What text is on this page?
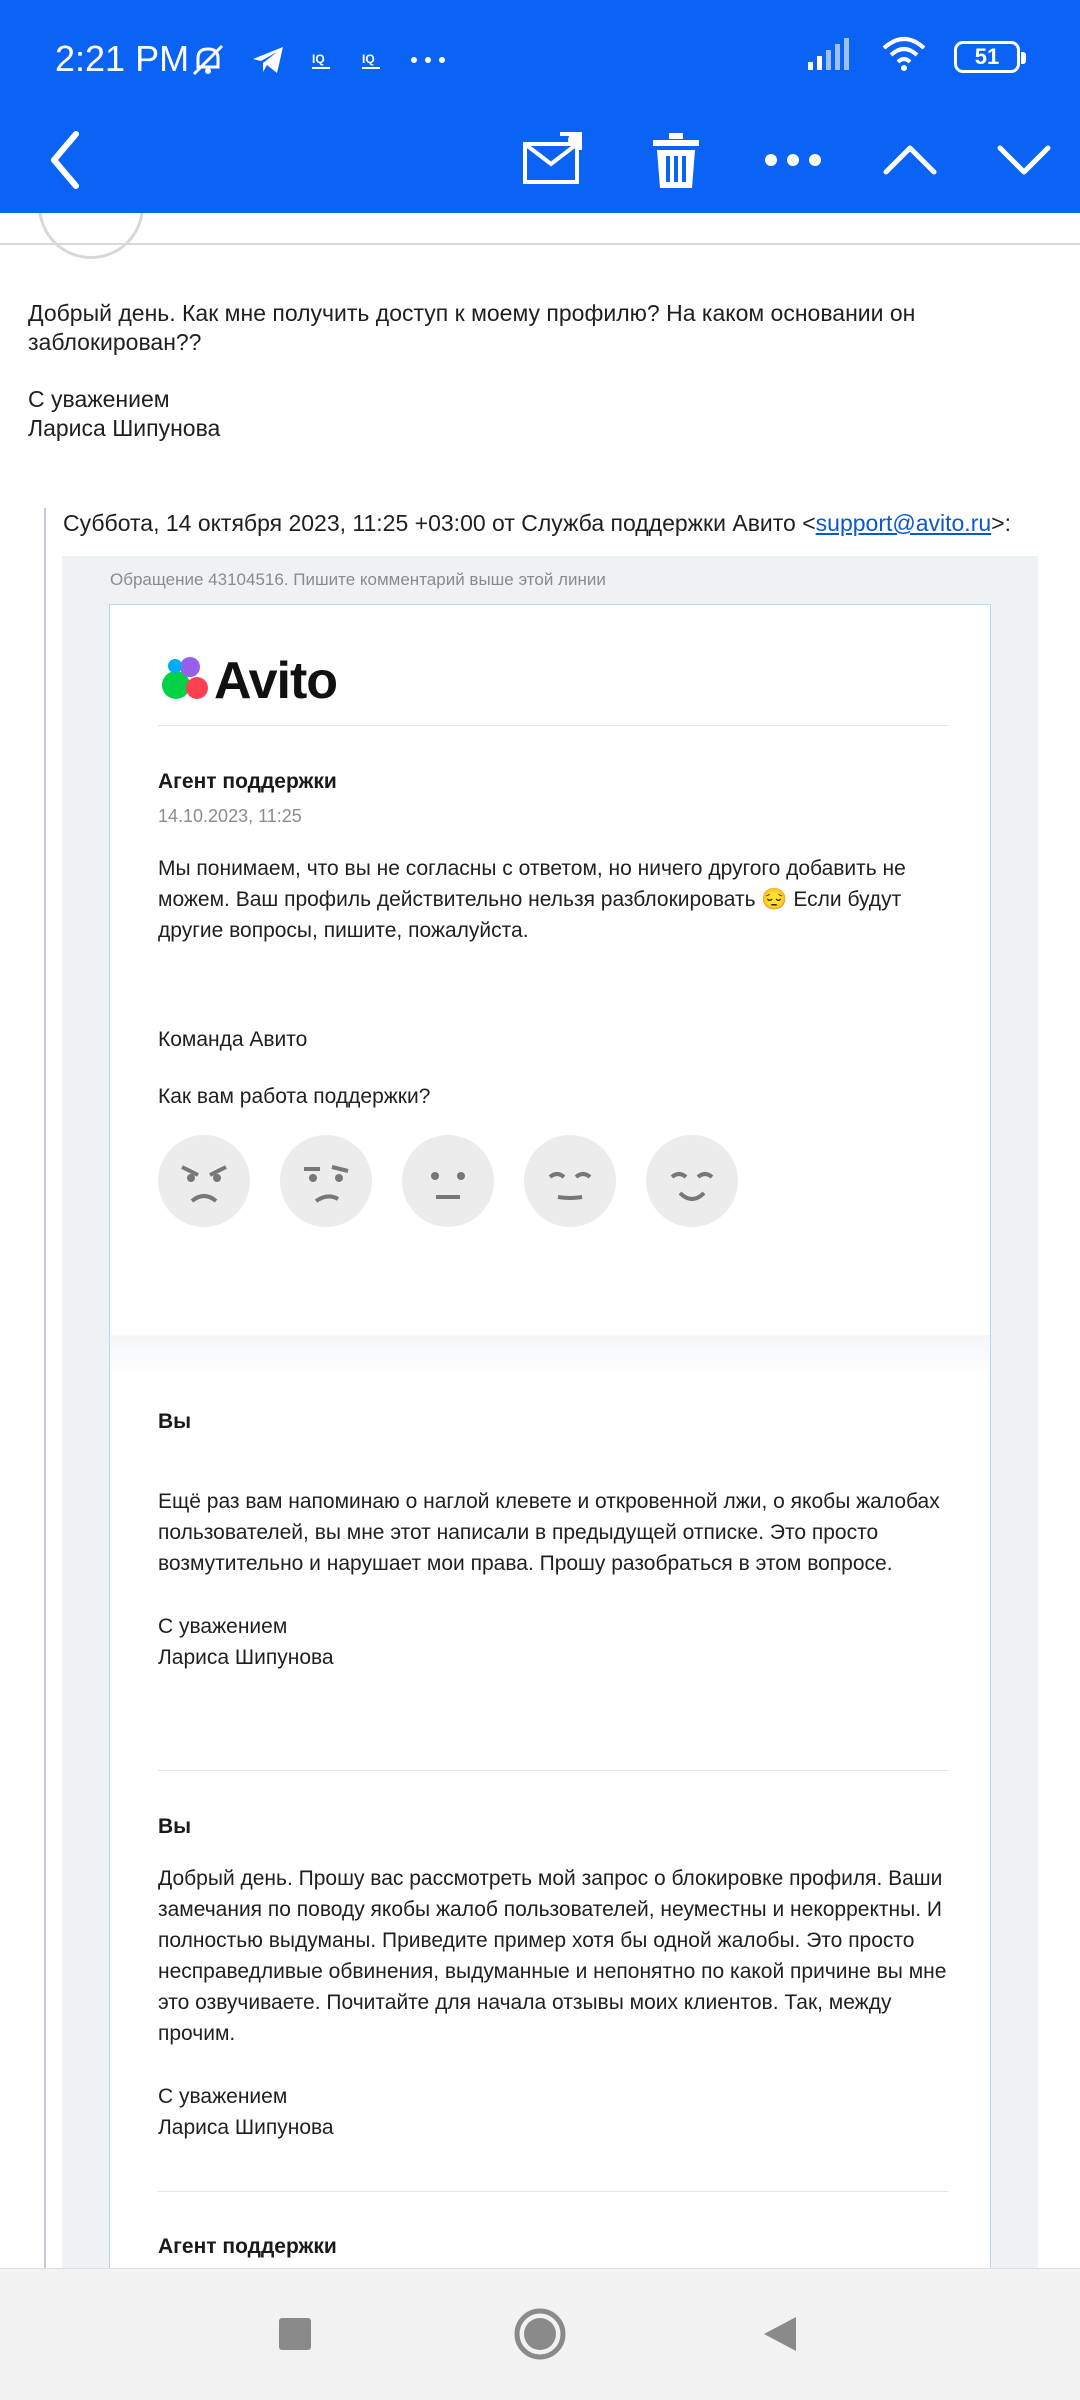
2:21 PM	IQ	IQ	51

Добрый день. Как мне получить доступ к моему профилю? На каком основании он заблокирован??

С уважением
Лариса Шипунова
Суббота, 14 октября 2023, 11:25 +03:00 от Служба поддержки Авито <support@avito.ru>:
Обращение 43104516. Пишите комментарий выше этой линии
Avito
Агент поддержки
14.10.2023, 11:25
Мы понимаем, что вы не согласны с ответом, но ничего другого добавить не можем. Ваш профиль действительно нельзя разблокировать 😔 Если будут другие вопросы, пишите, пожалуйста.
Команда Авито
Как вам работа поддержки?
Вы
Ещё раз вам напоминаю о наглой клевете и откровенной лжи, о якобы жалобах пользователей, вы мне этот написали в предыдущей отписке. Это просто возмутительно и нарушает мои права. Прошу разобраться в этом вопросе.
С уважением
Лариса Шипунова
Вы
Добрый день. Прошу вас рассмотреть мой запрос о блокировке профиля. Ваши замечания по поводу якобы жалоб пользователей, неуместны и некорректны. И полностью выдуманы. Приведите пример хотя бы одной жалобы. Это просто несправедливые обвинения, выдуманные и непонятно по какой причине вы мне это озвучиваете. Почитайте для начала отзывы моих клиентов. Так, между прочим.
С уважением
Лариса Шипунова
Агент поддержки
